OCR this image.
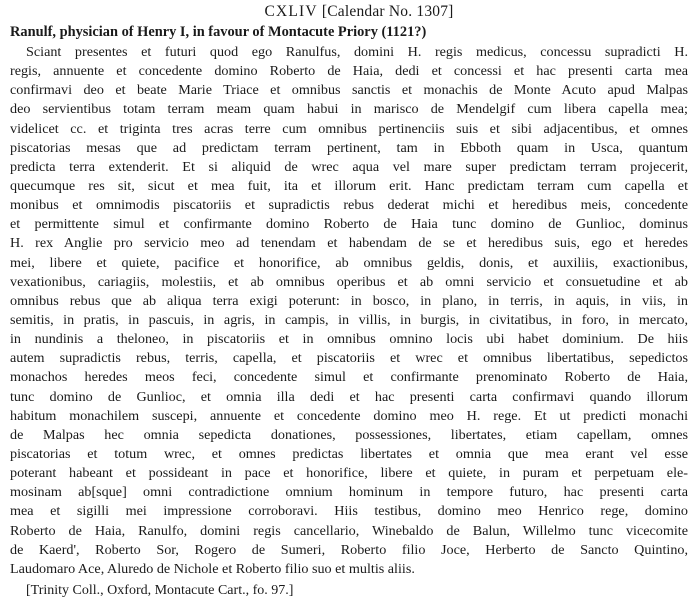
CXLIV [Calendar No. 1307]
Ranulf, physician of Henry I, in favour of Montacute Priory (1121?)
Sciant presentes et futuri quod ego Ranulfus, domini H. regis medicus, concessu supradicti H.
regis, annuente et concedente domino Roberto de Haia, dedi et concessi et hac presenti carta mea
confirmavi deo et beate Marie Triace et omnibus sanctis et monachis de Monte Acuto apud Malpas
deo servientibus totam terram meam quam habui in marisco de Mendelgif cum libera capella mea;
videlicet cc. et triginta tres acras terre cum omnibus pertinenciis suis et sibi adjacentibus, et omnes
piscatorias mesas que ad predictam terram pertinent, tam in Ebboth quam in Usca, quantum
predicta terra extenderit. Et si aliquid de wrec aqua vel mare super predictam terram projecerit,
quecumque res sit, sicut et mea fuit, ita et illorum erit. Hanc predictam terram cum capella et
monibus et omnimodis piscatoriis et supradictis rebus dederat michi et heredibus meis, concedente
et permittente simul et confirmante domino Roberto de Haia tunc domino de Gunlioc, dominus
H. rex Anglie pro servicio meo ad tenendam et habendam de se et heredibus suis, ego et heredes
mei, libere et quiete, pacifice et honorifice, ab omnibus geldis, donis, et auxiliis, exactionibus,
vexationibus, cariagiis, molestiis, et ab omnibus operibus et ab omni servicio et consuetudine et ab
omnibus rebus que ab aliqua terra exigi poterunt: in bosco, in plano, in terris, in aquis, in viis, in
semitis, in pratis, in pascuis, in agris, in campis, in villis, in burgis, in civitatibus, in foro, in mercato,
in nundinis a theloneo, in piscatoriis et in omnibus omnino locis ubi habet dominium. De hiis
autem supradictis rebus, terris, capella, et piscatoriis et wrec et omnibus libertatibus, sepedictos
monachos heredes meos feci, concedente simul et confirmante prenominato Roberto de Haia,
tunc domino de Gunlioc, et omnia illa dedi et hac presenti carta confirmavi quando illorum
habitum monachilem suscepi, annuente et concedente domino meo H. rege. Et ut predicti monachi
de Malpas hec omnia sepedicta donationes, possessiones, libertates, etiam capellam, omnes
piscatorias et totum wrec, et omnes predictas libertates et omnia que mea erant vel esse
poterant habeant et possideant in pace et honorifice, libere et quiete, in puram et perpetuam ele-
mosinam ab[sque] omni contradictione omnium hominum in tempore futuro, hac presenti carta
mea et sigilli mei impressione corroboravi. Hiis testibus, domino meo Henrico rege, domino
Roberto de Haia, Ranulfo, domini regis cancellario, Winebaldo de Balun, Willelmo tunc vicecomite
de Kaerd', Roberto Sor, Rogero de Sumeri, Roberto filio Joce, Herberto de Sancto Quintino,
Laudomaro Ace, Aluredo de Nichole et Roberto filio suo et multis aliis.
[Trinity Coll., Oxford, Montacute Cart., fo. 97.]
